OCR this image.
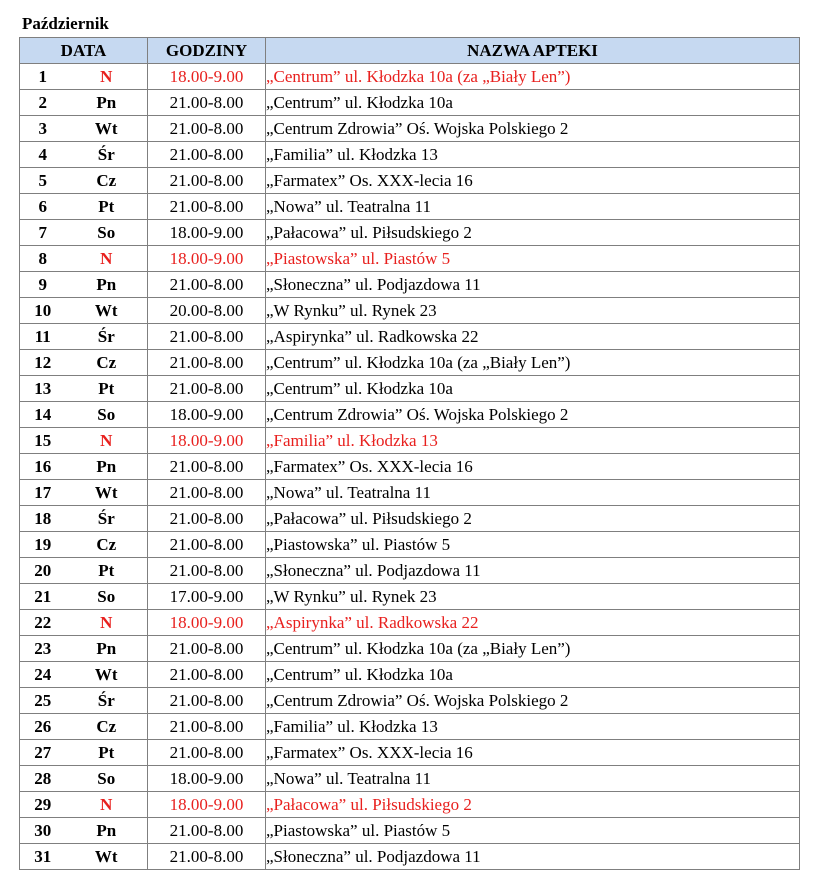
Październik
DATA		GODZINY	NAZWA APTEKI
1	N	18.00-9.00	„Centrum” ul. Kłodzka 10a (za „Biały Len”)
2	Pn	21.00-8.00	„Centrum” ul. Kłodzka 10a
3	Wt	21.00-8.00	„Centrum Zdrowia” Oś. Wojska Polskiego 2
4	Śr	21.00-8.00	„Familia” ul. Kłodzka 13
5	Cz	21.00-8.00	„Farmatex” Os. XXX-lecia 16
6	Pt	21.00-8.00	„Nowa” ul. Teatralna 11
7	So	18.00-9.00	„Pałacowa” ul. Piłsudskiego 2
8	N	18.00-9.00	„Piastowska” ul. Piastów 5
9	Pn	21.00-8.00	„Słoneczna” ul. Podjazdowa 11
10	Wt	20.00-8.00	„W Rynku” ul. Rynek 23
11	Śr	21.00-8.00	„Aspirynka” ul. Radkowska 22
12	Cz	21.00-8.00	„Centrum” ul. Kłodzka 10a (za „Biały Len”)
13	Pt	21.00-8.00	„Centrum” ul. Kłodzka 10a
14	So	18.00-9.00	„Centrum Zdrowia” Oś. Wojska Polskiego 2
15	N	18.00-9.00	„Familia” ul. Kłodzka 13
16	Pn	21.00-8.00	„Farmatex” Os. XXX-lecia 16
17	Wt	21.00-8.00	„Nowa” ul. Teatralna 11
18	Śr	21.00-8.00	„Pałacowa” ul. Piłsudskiego 2
19	Cz	21.00-8.00	„Piastowska” ul. Piastów 5
20	Pt	21.00-8.00	„Słoneczna” ul. Podjazdowa 11
21	So	17.00-9.00	„W Rynku” ul. Rynek 23
22	N	18.00-9.00	„Aspirynka” ul. Radkowska 22
23	Pn	21.00-8.00	„Centrum” ul. Kłodzka 10a (za „Biały Len”)
24	Wt	21.00-8.00	„Centrum” ul. Kłodzka 10a
25	Śr	21.00-8.00	„Centrum Zdrowia” Oś. Wojska Polskiego 2
26	Cz	21.00-8.00	„Familia” ul. Kłodzka 13
27	Pt	21.00-8.00	„Farmatex” Os. XXX-lecia 16
28	So	18.00-9.00	„Nowa” ul. Teatralna 11
29	N	18.00-9.00	„Pałacowa” ul. Piłsudskiego 2
30	Pn	21.00-8.00	„Piastowska” ul. Piastów 5
31	Wt	21.00-8.00	„Słoneczna” ul. Podjazdowa 11
